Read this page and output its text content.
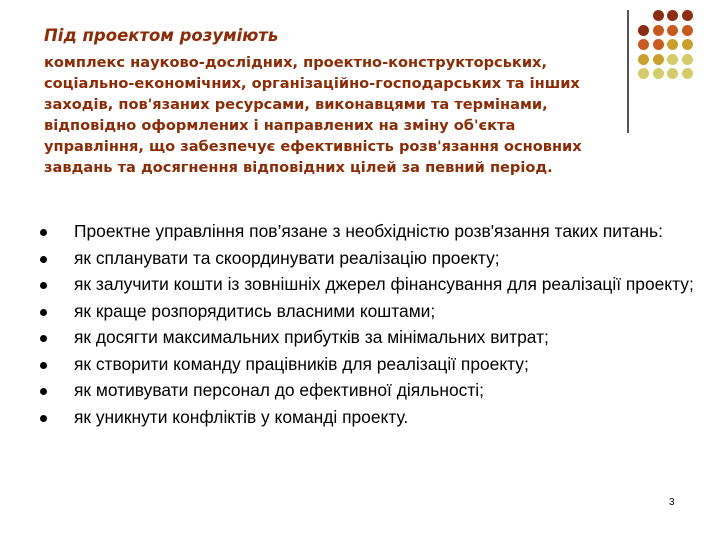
Під проектом розуміють
комплекс науково-дослідних, проектно-конструкторських,
соціально-економічних, організаційно-господарських та інших
заходів, пов'язаних ресурсами, виконавцями та термінами,
відповідно оформлених і направлених на зміну об'єкта
управління, що забезпечує ефективність розв'язання основних
завдань та досягнення відповідних цілей за певний період.
Проектне управління пов’язане з необхідністю розв'язання таких питань:
як спланувати та скоординувати реалізацію проекту;
як залучити кошти із зовнішніх джерел фінансування для реалізації проекту;
як краще розпорядитись власними коштами;
як досягти максимальних прибутків за мінімальних витрат;
як створити команду працівників для реалізації проекту;
як мотивувати персонал до ефективної діяльності;
як уникнути конфліктів у команді проекту.
3
